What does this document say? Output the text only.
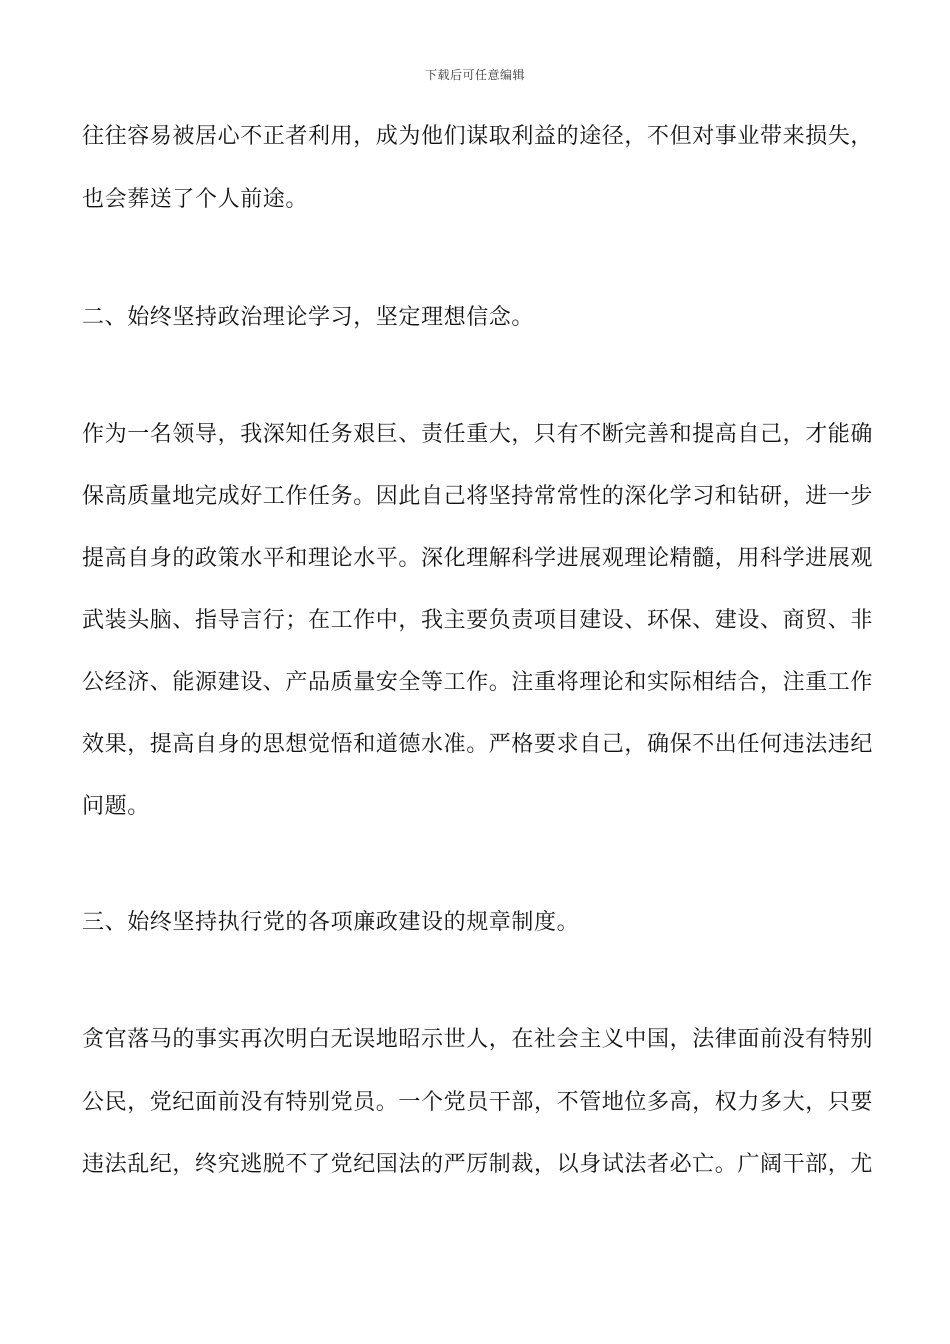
下载后可任意编辑
往往容易被居心不正者利用，成为他们谋取利益的途径，不但对事业带来损失，
也会葬送了个人前途。
二、始终坚持政治理论学习，坚定理想信念。
作为一名领导，我深知任务艰巨、责任重大，只有不断完善和提高自己，才能确
保高质量地完成好工作任务。因此自己将坚持常常性的深化学习和钻研，进一步
提高自身的政策水平和理论水平。深化理解科学进展观理论精髓，用科学进展观
武装头脑、指导言行；在工作中，我主要负责项目建设、环保、建设、商贸、非
公经济、能源建设、产品质量安全等工作。注重将理论和实际相结合，注重工作
效果，提高自身的思想觉悟和道德水准。严格要求自己，确保不出任何违法违纪
问题。
三、始终坚持执行党的各项廉政建设的规章制度。
贪官落马的事实再次明白无误地昭示世人，在社会主义中国，法律面前没有特别
公民，党纪面前没有特别党员。一个党员干部，不管地位多高，权力多大，只要
违法乱纪，终究逃脱不了党纪国法的严厉制裁，以身试法者必亡。广阔干部，尤
